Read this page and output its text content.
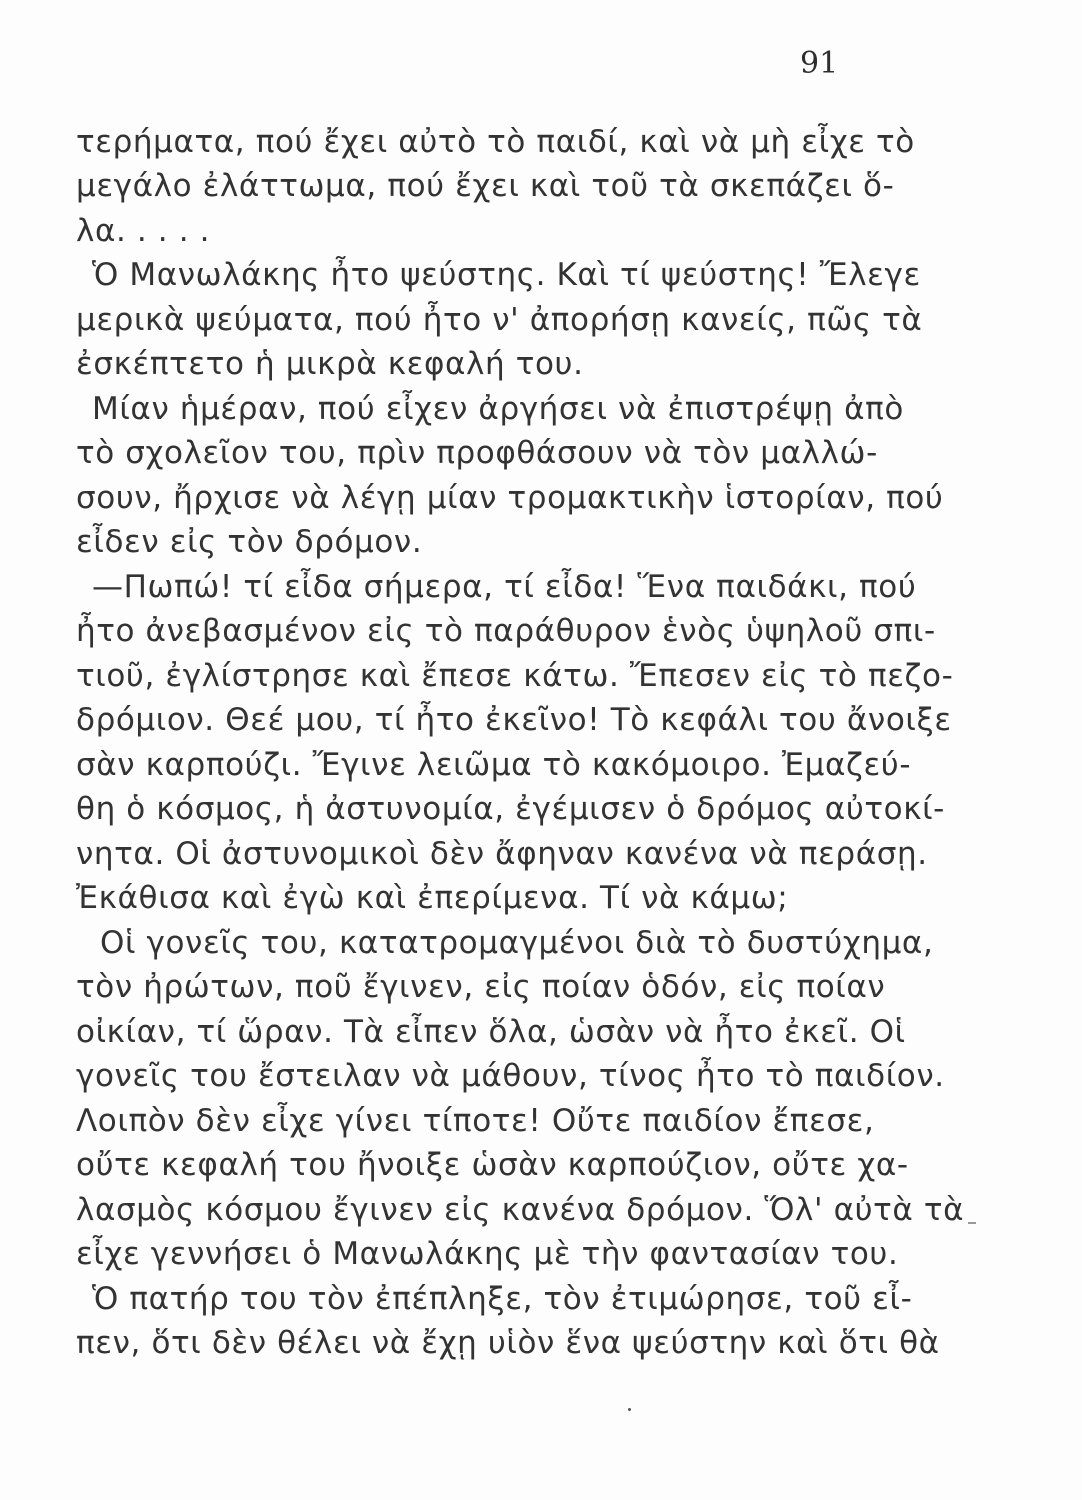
91
τερήματα, πού ἔχει αὐτὸ τὸ παιδί, καὶ νὰ μὴ εἶχε τὸ
μεγάλο ἐλάττωμα, πού ἔχει καὶ τοῦ τὰ σκεπάζει ὅ-
λα. . . . .
Ὁ Μανωλάκης ἦτο ψεύστης. Καὶ τί ψεύστης! Ἔλεγε
μερικὰ ψεύματα, πού ἦτο ν' ἀπορήσῃ κανείς, πῶς τὰ
ἐσκέπτετο ἡ μικρὰ κεφαλή του.
Μίαν ἡμέραν, πού εἶχεν ἀργήσει νὰ ἐπιστρέψῃ ἀπὸ
τὸ σχολεῖον του, πρὶν προφθάσουν νὰ τὸν μαλλώ-
σουν, ἤρχισε νὰ λέγῃ μίαν τρομακτικὴν ἱστορίαν, πού
εἶδεν εἰς τὸν δρόμον.
—Πωπώ! τί εἶδα σήμερα, τί εἶδα! Ἕνα παιδάκι, πού
ἦτο ἀνεβασμένον εἰς τὸ παράθυρον ἑνὸς ὑψηλοῦ σπι-
τιοῦ, ἐγλίστρησε καὶ ἔπεσε κάτω. Ἔπεσεν εἰς τὸ πεζο-
δρόμιον. Θεέ μου, τί ἦτο ἐκεῖνο! Τὸ κεφάλι του ἄνοιξε
σὰν καρπούζι. Ἔγινε λειῶμα τὸ κακόμοιρο. Ἐμαζεύ-
θη ὁ κόσμος, ἡ ἀστυνομία, ἐγέμισεν ὁ δρόμος αὐτοκί-
νητα. Οἱ ἀστυνομικοὶ δὲν ἄφηναν κανένα νὰ περάσῃ.
Ἐκάθισα καὶ ἐγὼ καὶ ἐπερίμενα. Τί νὰ κάμω;
Οἱ γονεῖς του, κατατρομαγμένοι διὰ τὸ δυστύχημα,
τὸν ἠρώτων, ποῦ ἔγινεν, εἰς ποίαν ὁδόν, εἰς ποίαν
οἰκίαν, τί ὥραν. Τὰ εἶπεν ὅλα, ὡσὰν νὰ ἦτο ἐκεῖ. Οἱ
γονεῖς του ἔστειλαν νὰ μάθουν, τίνος ἦτο τὸ παιδίον.
Λοιπὸν δὲν εἶχε γίνει τίποτε! Οὔτε παιδίον ἔπεσε,
οὔτε κεφαλή του ἤνοιξε ὡσὰν καρπούζιον, οὔτε χα-
λασμὸς κόσμου ἔγινεν εἰς κανένα δρόμον. Ὅλ' αὐτὰ τὰ
εἶχε γεννήσει ὁ Μανωλάκης μὲ τὴν φαντασίαν του.
Ὁ πατήρ του τὸν ἐπέπληξε, τὸν ἐτιμώρησε, τοῦ εἶ-
πεν, ὅτι δὲν θέλει νὰ ἔχῃ υἱὸν ἕνα ψεύστην καὶ ὅτι θὰ
